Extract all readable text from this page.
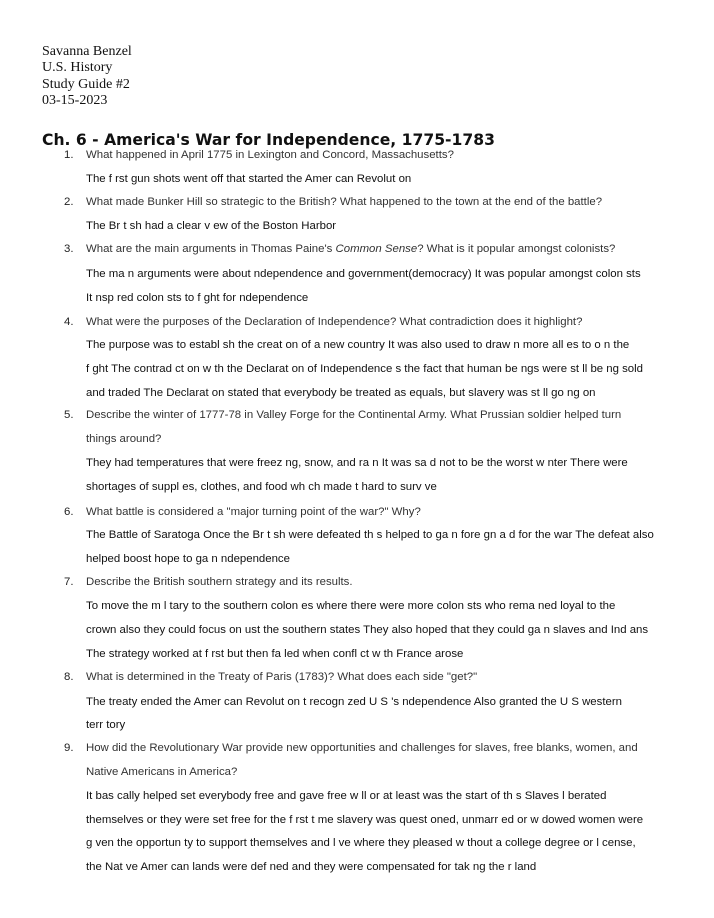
Savanna Benzel
U.S. History
Study Guide #2
03-15-2023
Ch. 6 - America's War for Independence, 1775-1783
1. What happened in April 1775 in Lexington and Concord, Massachusetts?
The f rst gun shots went off that started the Amer can Revolut on
2. What made Bunker Hill so strategic to the British? What happened to the town at the end of the battle?
The Br t sh had a clear v ew of the Boston Harbor
3. What are the main arguments in Thomas Paine's Common Sense? What is it popular amongst colonists?
The ma n arguments were about ndependence and government(democracy) It was popular amongst colon sts
It nsp red colon sts to f ght for ndependence
4. What were the purposes of the Declaration of Independence? What contradiction does it highlight?
The purpose was to establ sh the creat on of a new country It was also used to draw n more all es to o n the
f ght The contrad ct on w th the Declarat on of Independence s the fact that human be ngs were st ll be ng sold
and traded The Declarat on stated that everybody be treated as equals, but slavery was st ll go ng on
5. Describe the winter of 1777-78 in Valley Forge for the Continental Army. What Prussian soldier helped turn
things around?
They had temperatures that were freez ng, snow, and ra n It was sa d not to be the worst w nter There were
shortages of suppl es, clothes, and food wh ch made t hard to surv ve
6. What battle is considered a "major turning point of the war?" Why?
The Battle of Saratoga Once the Br t sh were defeated th s helped to ga n fore gn a d for the war The defeat also
helped boost hope to ga n ndependence
7. Describe the British southern strategy and its results.
To move the m l tary to the southern colon es where there were more colon sts who rema ned loyal to the
crown also they could focus on ust the southern states They also hoped that they could ga n slaves and Ind ans
The strategy worked at f rst but then fa led when confl ct w th France arose
8. What is determined in the Treaty of Paris (1783)? What does each side "get?"
The treaty ended the Amer can Revolut on t recogn zed U S 's ndependence Also granted the U S western
terr tory
9. How did the Revolutionary War provide new opportunities and challenges for slaves, free blanks, women, and
Native Americans in America?
It bas cally helped set everybody free and gave free w ll or at least was the start of th s Slaves l berated
themselves or they were set free for the f rst t me slavery was quest oned, unmarr ed or w dowed women were
g ven the opportun ty to support themselves and l ve where they pleased w thout a college degree or l cense,
the Nat ve Amer can lands were def ned and they were compensated for tak ng the r land
